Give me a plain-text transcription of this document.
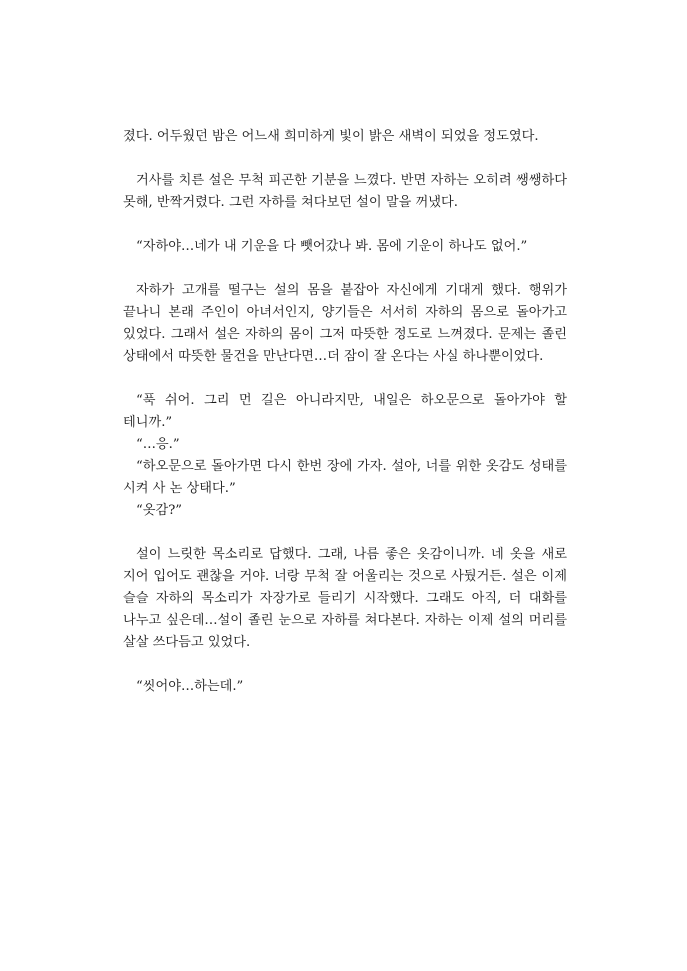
졌다. 어두웠던 밤은 어느새 희미하게 빛이 밝은 새벽이 되었을 정도였다.

거사를 치른 설은 무척 피곤한 기분을 느꼈다. 반면 자하는 오히려 쌩쌩하다 못해, 반짝거렸다. 그런 자하를 쳐다보던 설이 말을 꺼냈다.

“자하야…네가 내 기운을 다 뺏어갔나 봐. 몸에 기운이 하나도 없어.”

자하가 고개를 떨구는 설의 몸을 붙잡아 자신에게 기대게 했다. 행위가 끝나니 본래 주인이 아녀서인지, 양기들은 서서히 자하의 몸으로 돌아가고 있었다. 그래서 설은 자하의 몸이 그저 따뜻한 정도로 느껴졌다. 문제는 졸린 상태에서 따뜻한 물건을 만난다면…더 잠이 잘 온다는 사실 하나뿐이었다.

“푹 쉬어. 그리 먼 길은 아니라지만, 내일은 하오문으로 돌아가야 할 테니까.”

“…응.”

“하오문으로 돌아가면 다시 한번 장에 가자. 설아, 너를 위한 옷감도 성태를 시켜 사 논 상태다.”

“옷감?”

설이 느릿한 목소리로 답했다. 그래, 나름 좋은 옷감이니까. 네 옷을 새로 지어 입어도 괜찮을 거야. 너랑 무척 잘 어울리는 것으로 사뒀거든. 설은 이제 슬슬 자하의 목소리가 자장가로 들리기 시작했다. 그래도 아직, 더 대화를 나누고 싶은데…설이 졸린 눈으로 자하를 쳐다본다. 자하는 이제 설의 머리를 살살 쓰다듬고 있었다.

“씻어야…하는데.”
